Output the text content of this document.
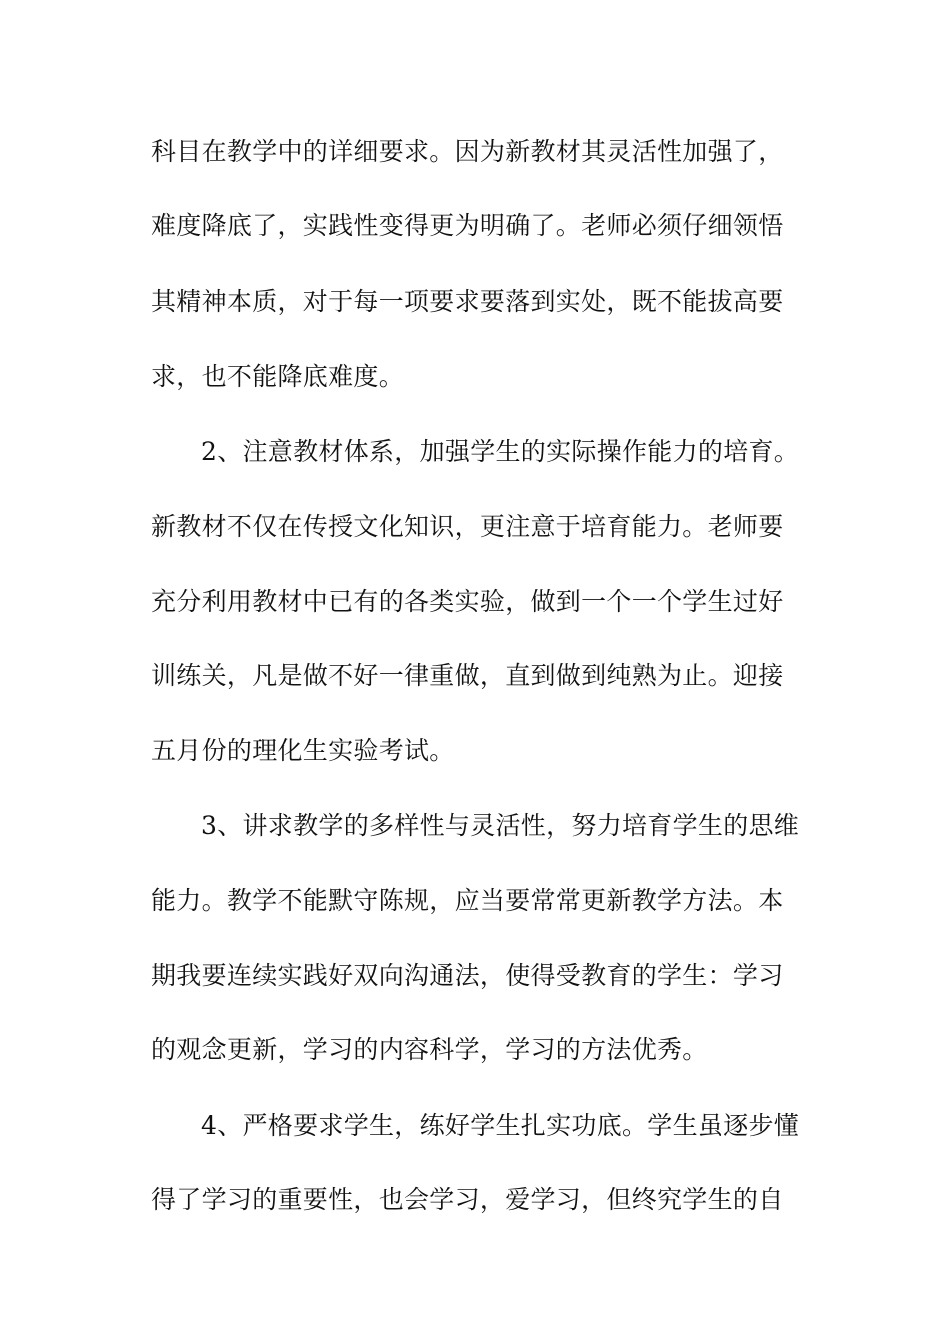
科目在教学中的详细要求。因为新教材其灵活性加强了，
难度降底了，实践性变得更为明确了。老师必须仔细领悟
其精神本质，对于每一项要求要落到实处，既不能拔高要
求，也不能降底难度。
2、注意教材体系，加强学生的实际操作能力的培育。
新教材不仅在传授文化知识，更注意于培育能力。老师要
充分利用教材中已有的各类实验，做到一个一个学生过好
训练关，凡是做不好一律重做，直到做到纯熟为止。迎接
五月份的理化生实验考试。
3、讲求教学的多样性与灵活性，努力培育学生的思维
能力。教学不能默守陈规，应当要常常更新教学方法。本
期我要连续实践好双向沟通法，使得受教育的学生：学习
的观念更新，学习的内容科学，学习的方法优秀。
4、严格要求学生，练好学生扎实功底。学生虽逐步懂
得了学习的重要性，也会学习，爱学习，但终究学生的自
